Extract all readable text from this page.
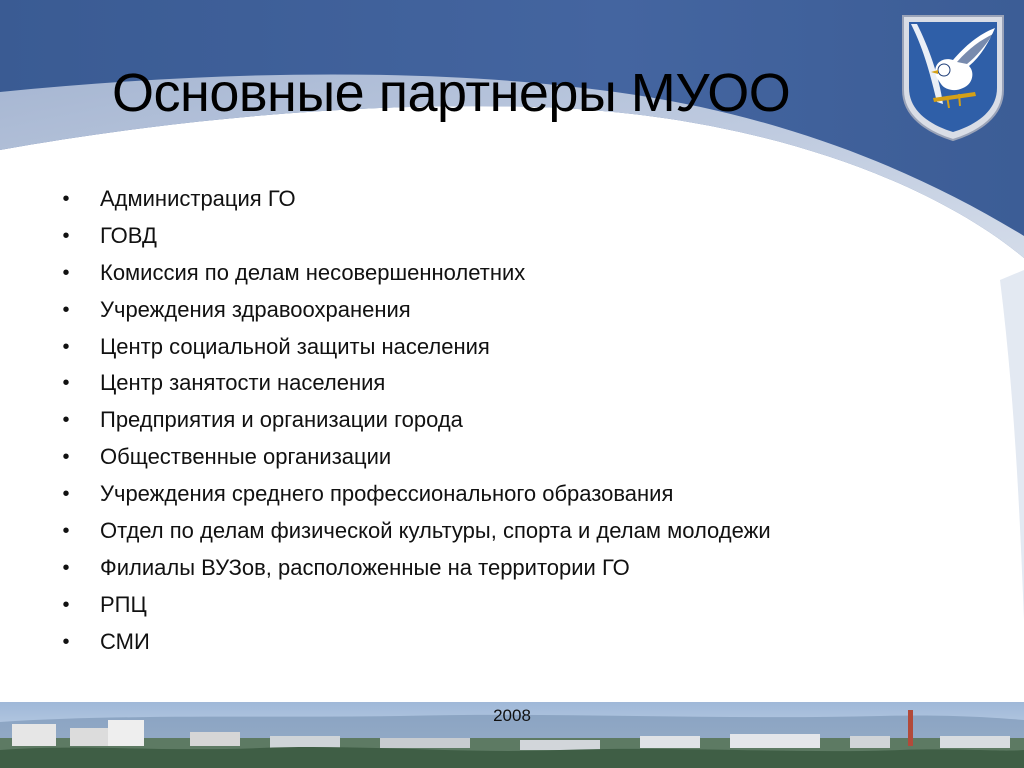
Основные партнеры МУОО
• Администрация ГО
• ГОВД
• Комиссия по делам несовершеннолетних
• Учреждения здравоохранения
• Центр социальной защиты населения
• Центр занятости населения
• Предприятия и организации города
• Общественные организации
• Учреждения среднего профессионального образования
• Отдел по делам физической культуры, спорта и делам молодежи
• Филиалы ВУЗов, расположенные на территории ГО
• РПЦ
• СМИ
2008
